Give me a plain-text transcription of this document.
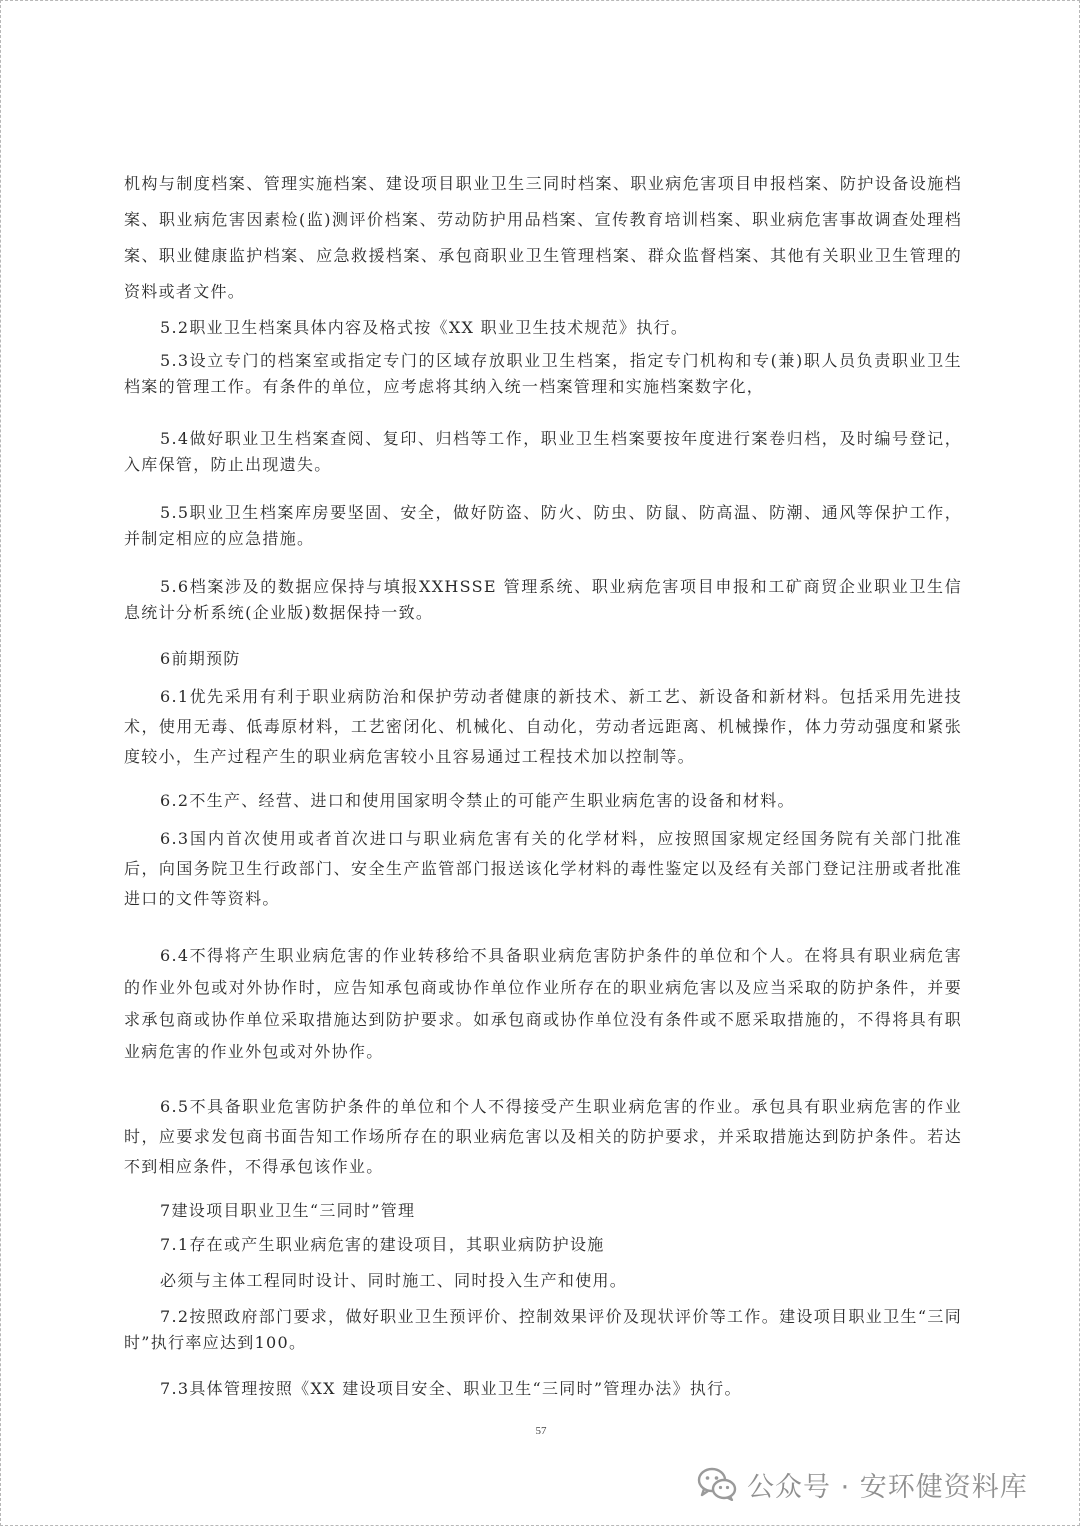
机构与制度档案、管理实施档案、建设项目职业卫生三同时档案、职业病危害项目申报档案、防护设备设施档案、职业病危害因素检(监)测评价档案、劳动防护用品档案、宣传教育培训档案、职业病危害事故调查处理档案、职业健康监护档案、应急救援档案、承包商职业卫生管理档案、群众监督档案、其他有关职业卫生管理的资料或者文件。

5.2职业卫生档案具体内容及格式按《XX 职业卫生技术规范》执行。

5.3设立专门的档案室或指定专门的区域存放职业卫生档案，指定专门机构和专(兼)职人员负责职业卫生档案的管理工作。有条件的单位，应考虑将其纳入统一档案管理和实施档案数字化，

5.4做好职业卫生档案查阅、复印、归档等工作，职业卫生档案要按年度进行案卷归档，及时编号登记，入库保管，防止出现遗失。

5.5职业卫生档案库房要坚固、安全，做好防盗、防火、防虫、防鼠、防高温、防潮、通风等保护工作，并制定相应的应急措施。

5.6档案涉及的数据应保持与填报XXHSSE 管理系统、职业病危害项目申报和工矿商贸企业职业卫生信息统计分析系统(企业版)数据保持一致。

6前期预防

6.1优先采用有利于职业病防治和保护劳动者健康的新技术、新工艺、新设备和新材料。包括采用先进技术，使用无毒、低毒原材料，工艺密闭化、机械化、自动化，劳动者远距离、机械操作，体力劳动强度和紧张度较小，生产过程产生的职业病危害较小且容易通过工程技术加以控制等。

6.2不生产、经营、进口和使用国家明令禁止的可能产生职业病危害的设备和材料。

6.3国内首次使用或者首次进口与职业病危害有关的化学材料，应按照国家规定经国务院有关部门批准后，向国务院卫生行政部门、安全生产监管部门报送该化学材料的毒性鉴定以及经有关部门登记注册或者批准进口的文件等资料。

6.4不得将产生职业病危害的作业转移给不具备职业病危害防护条件的单位和个人。在将具有职业病危害的作业外包或对外协作时，应告知承包商或协作单位作业所存在的职业病危害以及应当采取的防护条件，并要求承包商或协作单位采取措施达到防护要求。如承包商或协作单位没有条件或不愿采取措施的，不得将具有职业病危害的作业外包或对外协作。

6.5不具备职业危害防护条件的单位和个人不得接受产生职业病危害的作业。承包具有职业病危害的作业时，应要求发包商书面告知工作场所存在的职业病危害以及相关的防护要求，并采取措施达到防护条件。若达不到相应条件，不得承包该作业。

7建设项目职业卫生“三同时”管理

7.1存在或产生职业病危害的建设项目，其职业病防护设施

必须与主体工程同时设计、同时施工、同时投入生产和使用。

7.2按照政府部门要求，做好职业卫生预评价、控制效果评价及现状评价等工作。建设项目职业卫生“三同时”执行率应达到100。

7.3具体管理按照《XX 建设项目安全、职业卫生“三同时”管理办法》执行。

57
公众号 · 安环健资料库
